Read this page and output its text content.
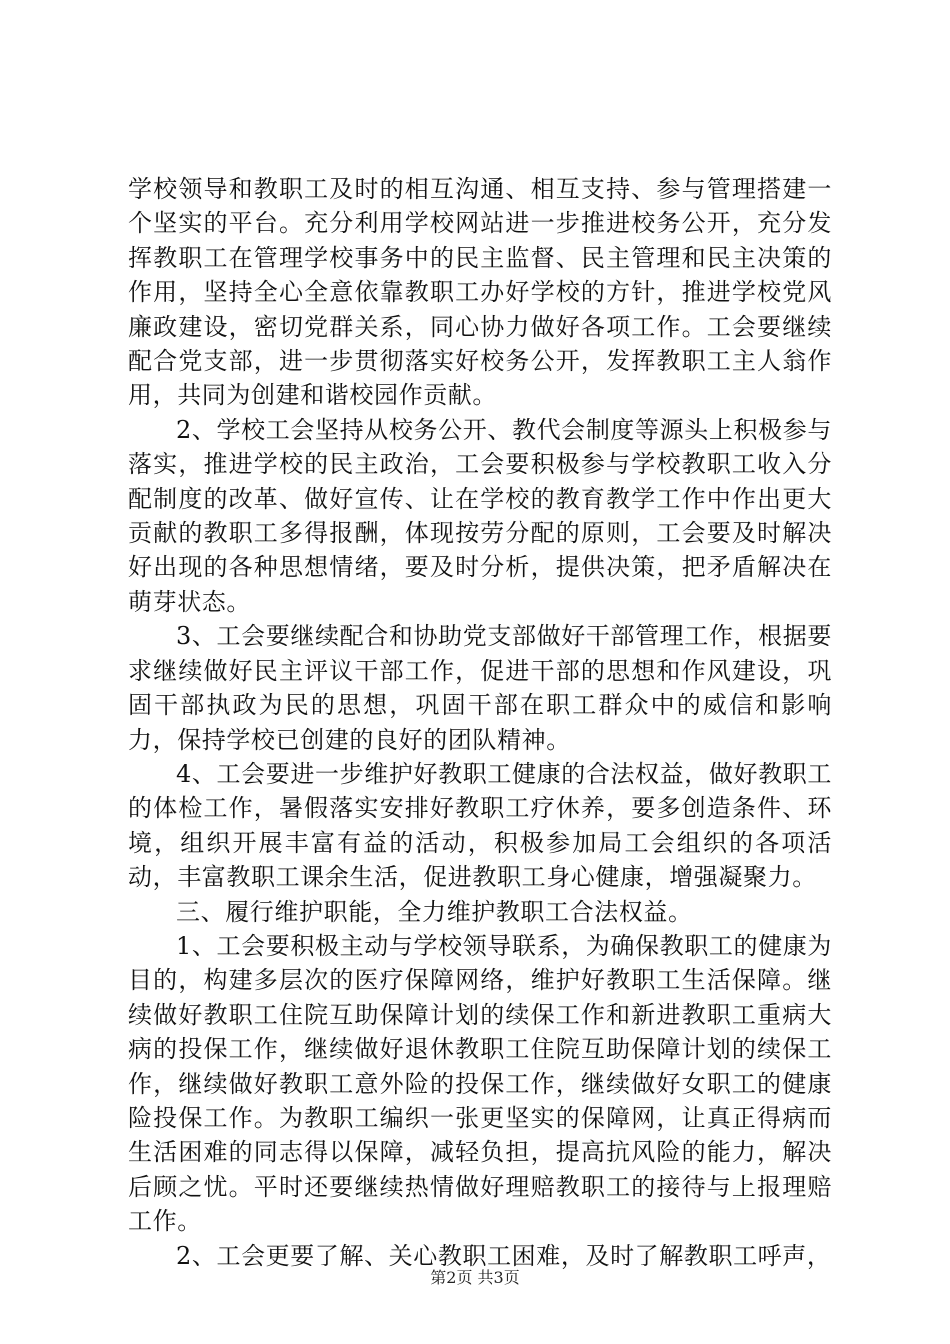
学校领导和教职工及时的相互沟通、相互支持、参与管理搭建一个坚实的平台。充分利用学校网站进一步推进校务公开，充分发挥教职工在管理学校事务中的民主监督、民主管理和民主决策的作用，坚持全心全意依靠教职工办好学校的方针，推进学校党风廉政建设，密切党群关系，同心协力做好各项工作。工会要继续配合党支部，进一步贯彻落实好校务公开，发挥教职工主人翁作用，共同为创建和谐校园作贡献。

2、学校工会坚持从校务公开、教代会制度等源头上积极参与落实，推进学校的民主政治，工会要积极参与学校教职工收入分配制度的改革、做好宣传、让在学校的教育教学工作中作出更大贡献的教职工多得报酬，体现按劳分配的原则，工会要及时解决好出现的各种思想情绪，要及时分析，提供决策，把矛盾解决在萌芽状态。

3、工会要继续配合和协助党支部做好干部管理工作，根据要求继续做好民主评议干部工作，促进干部的思想和作风建设，巩固干部执政为民的思想，巩固干部在职工群众中的威信和影响力，保持学校已创建的良好的团队精神。

4、工会要进一步维护好教职工健康的合法权益，做好教职工的体检工作，暑假落实安排好教职工疗休养，要多创造条件、环境，组织开展丰富有益的活动，积极参加局工会组织的各项活动，丰富教职工课余生活，促进教职工身心健康，增强凝聚力。

三、履行维护职能，全力维护教职工合法权益。

1、工会要积极主动与学校领导联系，为确保教职工的健康为目的，构建多层次的医疗保障网络，维护好教职工生活保障。继续做好教职工住院互助保障计划的续保工作和新进教职工重病大病的投保工作，继续做好退休教职工住院互助保障计划的续保工作，继续做好教职工意外险的投保工作，继续做好女职工的健康险投保工作。为教职工编织一张更坚实的保障网，让真正得病而生活困难的同志得以保障，减轻负担，提高抗风险的能力，解决后顾之忧。平时还要继续热情做好理赔教职工的接待与上报理赔工作。

2、工会更要了解、关心教职工困难，及时了解教职工呼声，

第2页 共3页
